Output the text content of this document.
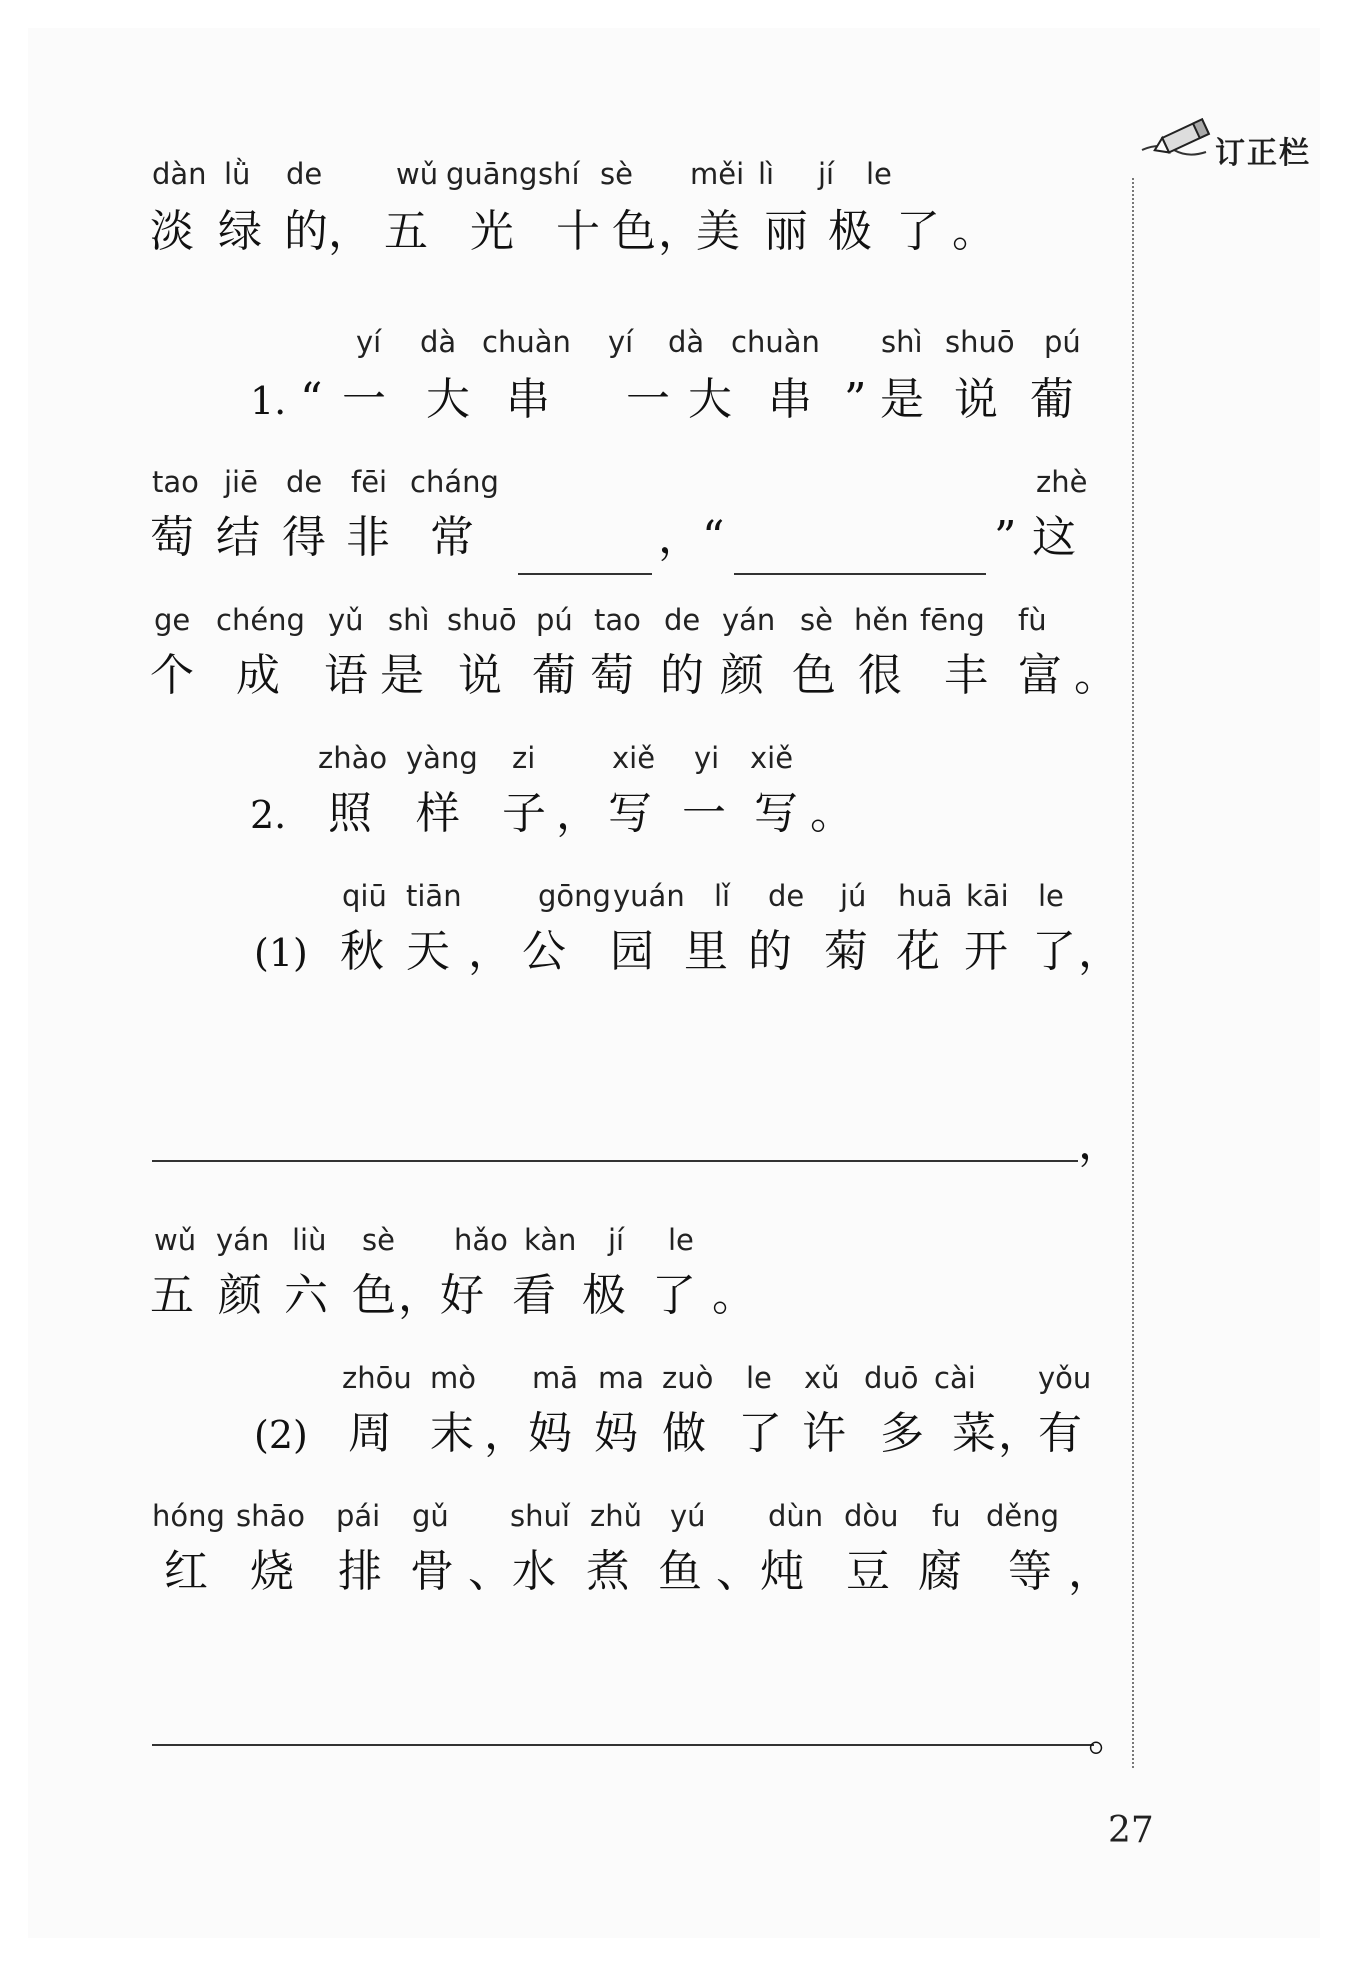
订正栏
dàn lǜ de	wǔ guāng shí sè měi lì jí le
淡 绿 的 ， 五 光 十 色 ，
美 丽 极 了 。
yí dà chuàn yí dà chuàn shì shuō pú
1. “ 一 大 串 一 大 串 ” 是 说 葡
tao jiē de fēi cháng	zhè
萄 结 得 非 常	，“	” 这
ge chéng yǔ shì shuō pú tao de yán sè hěn fēng fù
个 成 语 是 说 葡 萄 的 颜 色 很 丰 富 。
zhào yàng zi	xiě yi xiě
2. 照 样 子 ， 写 一 写 。
qiū tiān	gōng yuán lǐ de jú huā kāi le
(1) 秋 天 ， 公 园 里 的 菊 花 开 了 ，
，
wǔ yán liù sè hǎo kàn jí le
五 颜 六 色 ，
好 看 极 了 。
zhōu mò mā ma zuò le xǔ duō cài yǒu
(2) 周 末 ， 妈 妈 做 了 许 多 菜 ，
有
hóng shāo pái gǔ shuǐ zhǔ yú dùn dòu fu děng
红 烧 排 骨 、 水 煮 鱼 、 炖 豆 腐 等 ，
。
27
